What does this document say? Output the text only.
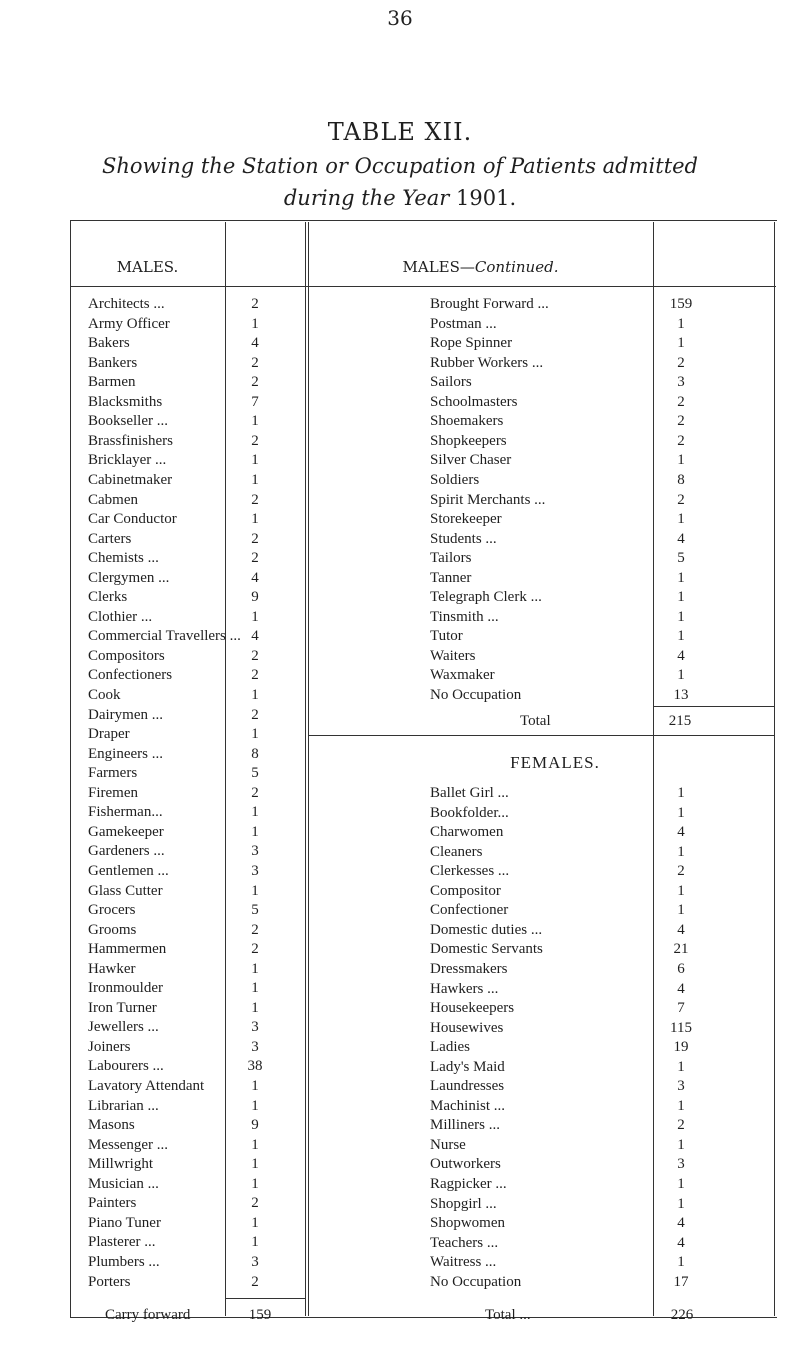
36
TABLE XII.
Showing the Station or Occupation of Patients admitted
during the Year 1901.
MALES.	MALES—Continued.
Architects ...	2
Army Officer	1
Bakers	4
Bankers	2
Barmen	2
Blacksmiths	7
Bookseller ...	1
Brassfinishers	2
Bricklayer ...	1
Cabinetmaker	1
Cabmen	2
Car Conductor	1
Carters	2
Chemists ...	2
Clergymen ...	4
Clerks	9
Clothier ...	1
Commercial Travellers ... 4
Compositors	2
Confectioners	2
Cook	1
Dairymen ...	2
Draper	1
Engineers ...	8
Farmers	5
Firemen	2
Fisherman...	1
Gamekeeper	1
Gardeners ...	3
Gentlemen ...	3
Glass Cutter	1
Grocers	5
Grooms	2
Hammermen	2
Hawker	1
Ironmoulder	1
Iron Turner	1
Jewellers ...	3
Joiners	3
Labourers ...	38
Lavatory Attendant	1
Librarian ...	1
Masons	9
Messenger ...	1
Millwright	1
Musician ...	1
Painters	2
Piano Tuner	1
Plasterer ...	1
Plumbers ...	3
Porters	2
Brought Forward ...	159
Postman ...	1
Rope Spinner	1
Rubber Workers ...	2
Sailors	3
Schoolmasters	2
Shoemakers	2
Shopkeepers	2
Silver Chaser	1
Soldiers	8
Spirit Merchants ...	2
Storekeeper	1
Students ...	4
Tailors	5
Tanner	1
Telegraph Clerk ...	1
Tinsmith ...	1
Tutor	1
Waiters	4
Waxmaker	1
No Occupation	13
Ballet Girl ...	1
Bookfolder...	1
Charwomen	4
Cleaners	1
Clerkesses ...	2
Compositor	1
Confectioner	1
Domestic duties ...	4
Domestic Servants	21
Dressmakers	6
Hawkers ...	4
Housekeepers	7
Housewives	115
Ladies	19
Lady's Maid	1
Laundresses	3
Machinist ...	1
Milliners ...	2
Nurse	1
Outworkers	3
Ragpicker ...	1
Shopgirl ...	1
Shopwomen	4
Teachers ...	4
Waitress ...	1
No Occupation	17
Total	215
FEMALES.
Carry forward	159	Total ...	226
